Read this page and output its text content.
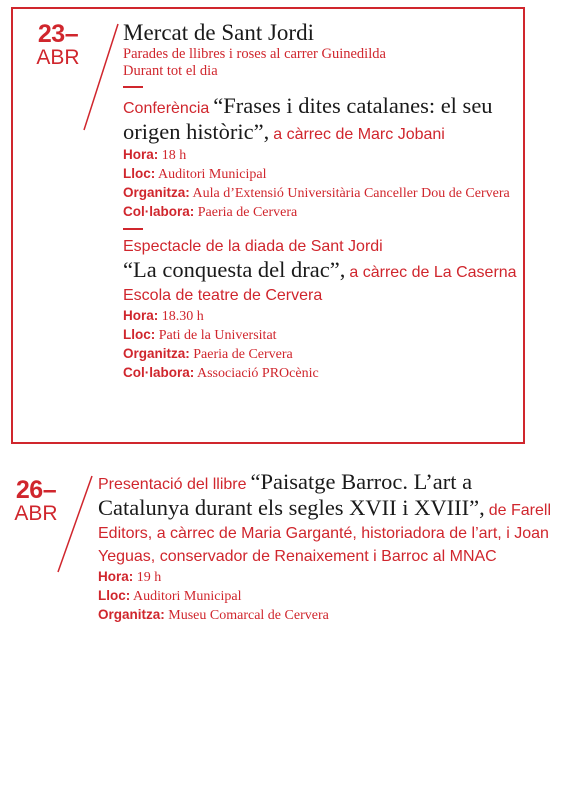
23–
ABR
Mercat de Sant Jordi
Parades de llibres i roses al carrer Guinedilda
Durant tot el dia
Conferència “Frases i dites catalanes: el seu origen històric”, a càrrec de Marc Jobani
Hora: 18 h
Lloc: Auditori Municipal
Organitza: Aula d’Extensió Universitària Canceller Dou de Cervera
Col·labora: Paeria de Cervera
Espectacle de la diada de Sant Jordi
“La conquesta del drac”, a càrrec de La Caserna Escola de teatre de Cervera
Hora: 18.30 h
Lloc: Pati de la Universitat
Organitza: Paeria de Cervera
Col·labora: Associació PROcènic
26–
ABR
Presentació del llibre “Paisatge Barroc. L’art a Catalunya durant els segles XVII i XVIII”, de Farell Editors, a càrrec de Maria Garganté, historiadora de l’art, i Joan Yeguas, conservador de Renaixement i Barroc al MNAC
Hora: 19 h
Lloc: Auditori Municipal
Organitza: Museu Comarcal de Cervera
